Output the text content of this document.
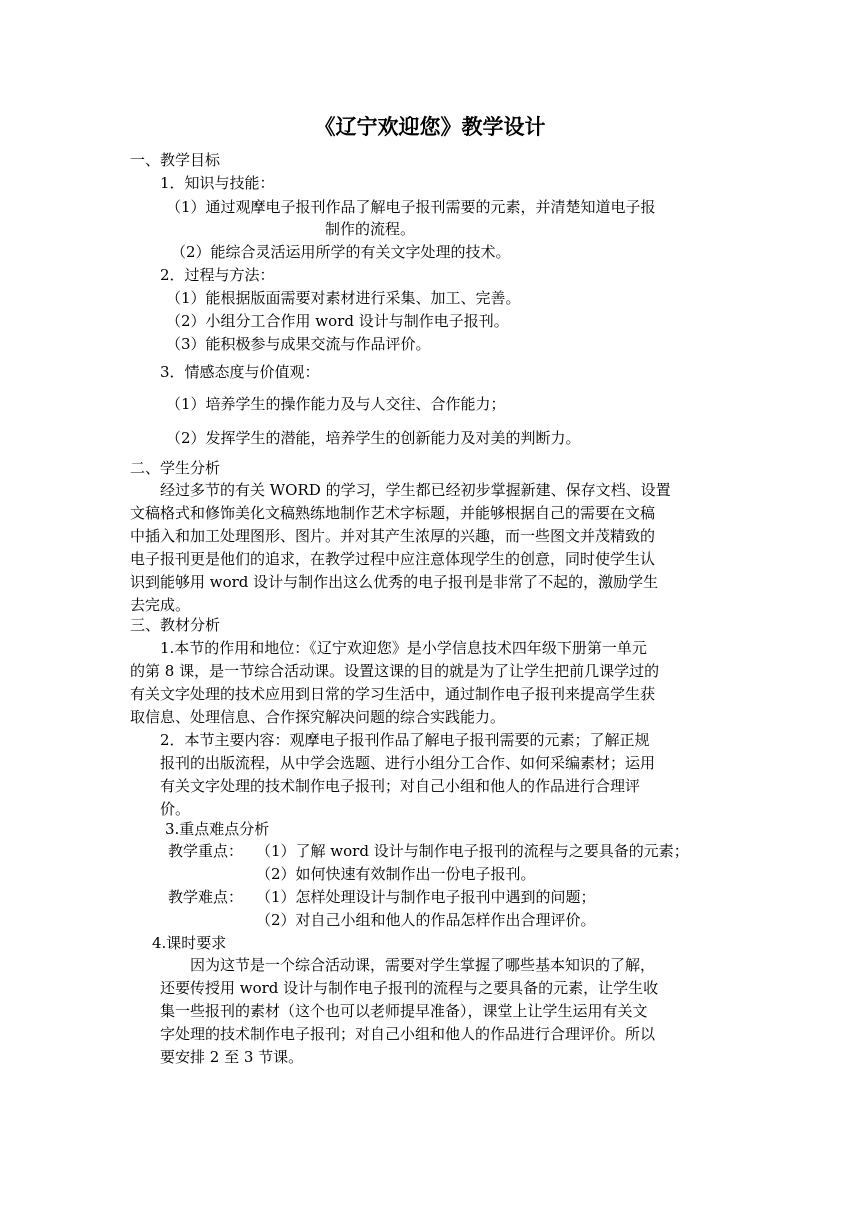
《辽宁欢迎您》教学设计
一、教学目标
1．知识与技能：
（1）通过观摩电子报刊作品了解电子报刊需要的元素，并清楚知道电子报
制作的流程。
（2）能综合灵活运用所学的有关文字处理的技术。
2．过程与方法：
（1）能根据版面需要对素材进行采集、加工、完善。
（2）小组分工合作用 word 设计与制作电子报刊。
（3）能积极参与成果交流与作品评价。
3．情感态度与价值观：
（1）培养学生的操作能力及与人交往、合作能力；
（2）发挥学生的潜能，培养学生的创新能力及对美的判断力。
二、学生分析
经过多节的有关 WORD 的学习，学生都已经初步掌握新建、保存文档、设置
文稿格式和修饰美化文稿熟练地制作艺术字标题，并能够根据自己的需要在文稿
中插入和加工处理图形、图片。并对其产生浓厚的兴趣，而一些图文并茂精致的
电子报刊更是他们的追求，在教学过程中应注意体现学生的创意，同时使学生认
识到能够用 word 设计与制作出这么优秀的电子报刊是非常了不起的，激励学生
去完成。
三、教材分析
1.本节的作用和地位：《辽宁欢迎您》是小学信息技术四年级下册第一单元
的第 8 课，是一节综合活动课。设置这课的目的就是为了让学生把前几课学过的
有关文字处理的技术应用到日常的学习生活中，通过制作电子报刊来提高学生获
取信息、处理信息、合作探究解决问题的综合实践能力。
2．本节主要内容：观摩电子报刊作品了解电子报刊需要的元素；了解正规
报刊的出版流程，从中学会选题、进行小组分工合作、如何采编素材；运用
有关文字处理的技术制作电子报刊；对自己小组和他人的作品进行合理评
价。
3.重点难点分析
教学重点： （1）了解 word 设计与制作电子报刊的流程与之要具备的元素；
（2）如何快速有效制作出一份电子报刊。
教学难点： （1）怎样处理设计与制作电子报刊中遇到的问题；
（2）对自己小组和他人的作品怎样作出合理评价。
4.课时要求
因为这节是一个综合活动课，需要对学生掌握了哪些基本知识的了解，
还要传授用 word 设计与制作电子报刊的流程与之要具备的元素，让学生收
集一些报刊的素材（这个也可以老师提早准备），课堂上让学生运用有关文
字处理的技术制作电子报刊；对自己小组和他人的作品进行合理评价。所以
要安排 2 至 3 节课。
